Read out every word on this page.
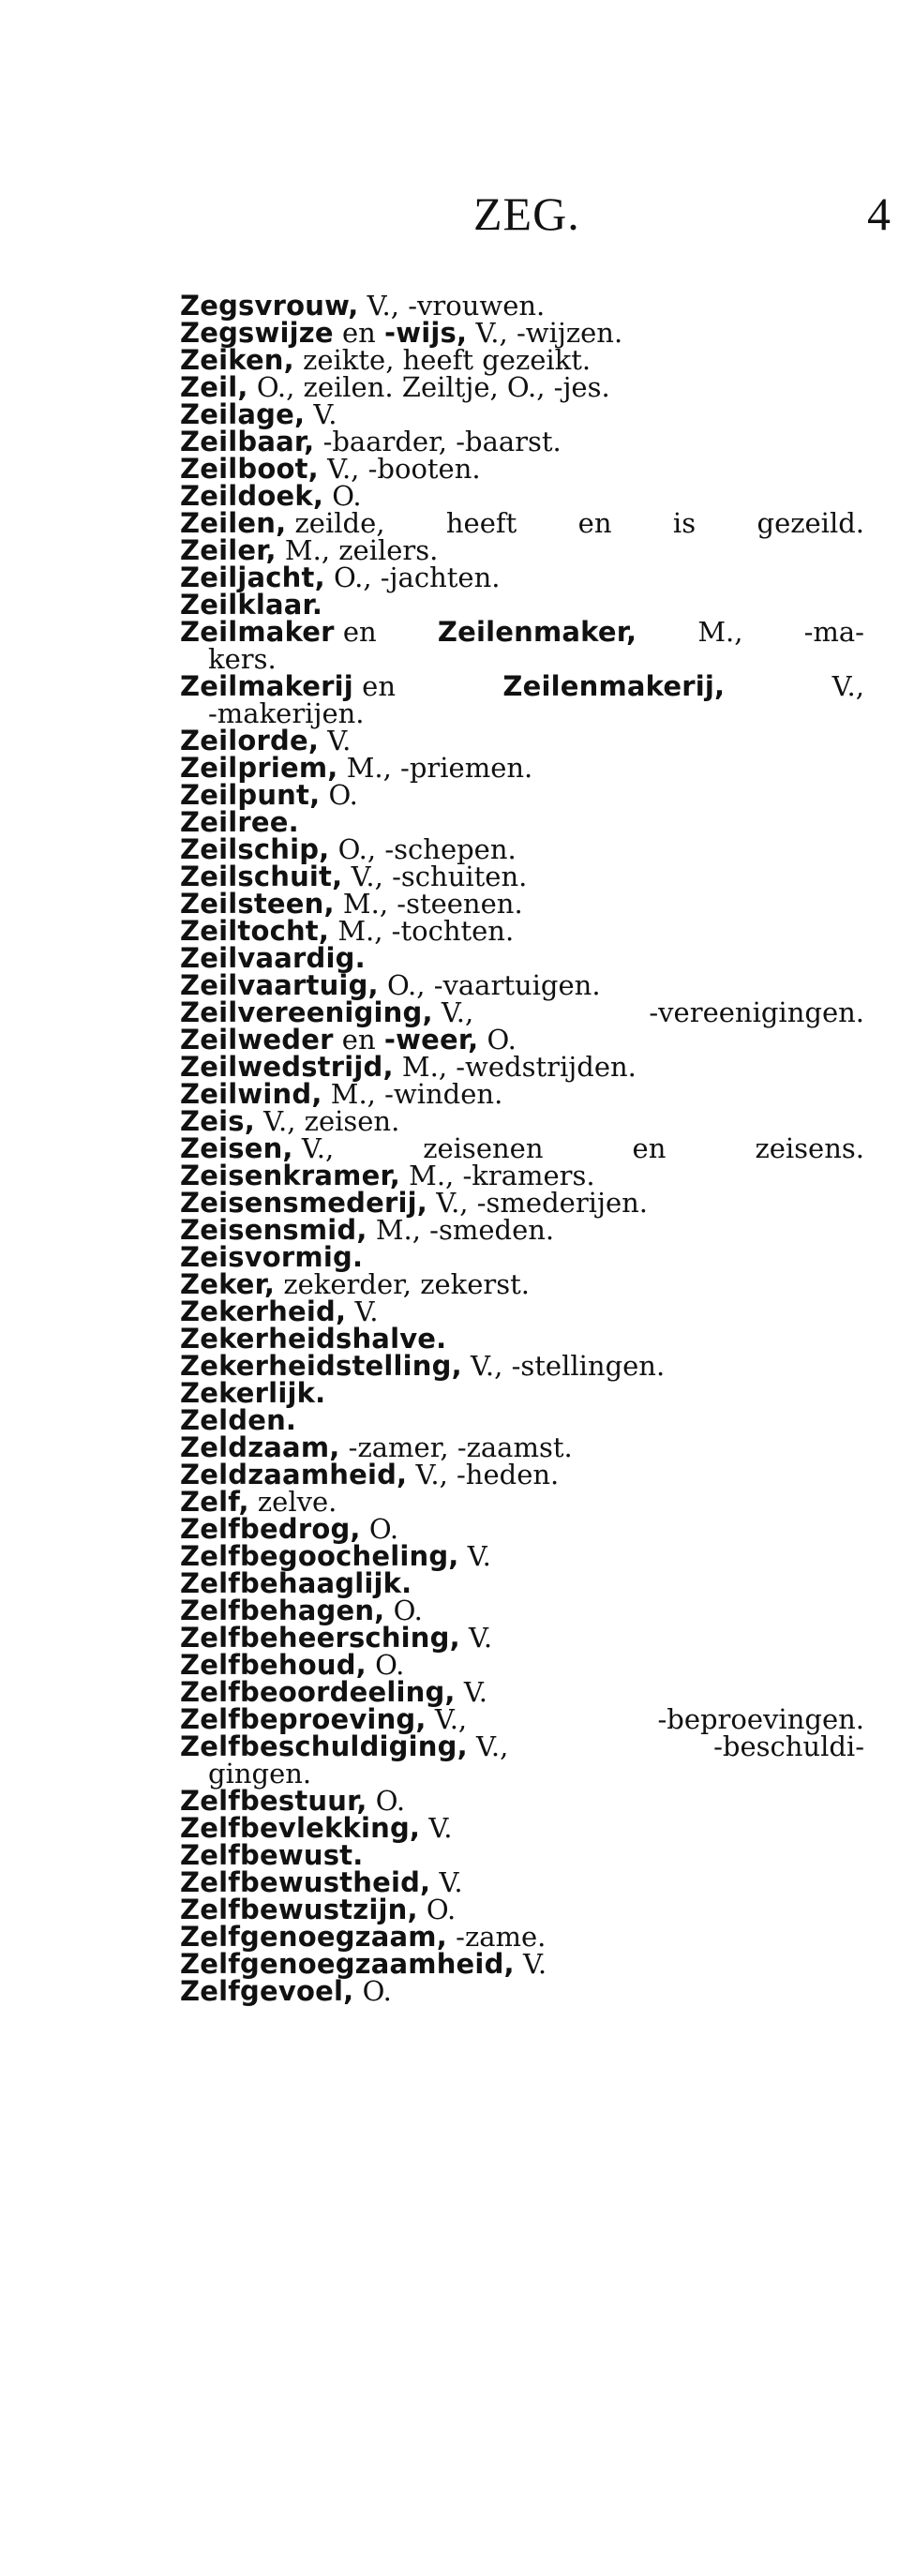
ZEG.	4
Zegsvrouw, V., -vrouwen.
Zegswijze en -wijs, V., -wijzen.
Zeiken, zeikte, heeft gezeikt.
Zeil, O., zeilen. Zeiltje, O., -jes.
Zeilage, V.
Zeilbaar, -baarder, -baarst.
Zeilboot, V., -booten.
Zeildoek, O.
Zeilen, zeilde, heeft en is gezeild.
Zeiler, M., zeilers.
Zeiljacht, O., -jachten.
Zeilklaar.
Zeilmaker en Zeilenmaker, M., -ma-
kers.
Zeilmakerij en	Zeilenmakerij,	V.,
-makerijen.
Zeilorde, V.
Zeilpriem, M., -priemen.
Zeilpunt, O.
Zeilree.
Zeilschip, O., -schepen.
Zeilschuit, V., -schuiten.
Zeilsteen, M., -steenen.
Zeiltocht, M., -tochten.
Zeilvaardig.
Zeilvaartuig, O., -vaartuigen.
Zeilvereeniging, V.,	-vereenigingen.
Zeilweder en -weer, O.
Zeilwedstrijd, M., -wedstrijden.
Zeilwind, M., -winden.
Zeis, V., zeisen.
Zeisen, V.,	zeisenen	en	zeisens.
Zeisenkramer, M., -kramers.
Zeisensmederij, V., -smederijen.
Zeisensmid, M., -smeden.
Zeisvormig.
Zeker, zekerder, zekerst.
Zekerheid, V.
Zekerheidshalve.
Zekerheidstelling, V., -stellingen.
Zekerlijk.
Zelden.
Zeldzaam, -zamer, -zaamst.
Zeldzaamheid, V., -heden.
Zelf, zelve.
Zelfbedrog, O.
Zelfbegoocheling, V.
Zelfbehaaglijk.
Zelfbehagen, O.
Zelfbeheersching, V.
Zelfbehoud, O.
Zelfbeoordeeling, V.
Zelfbeproeving, V.,	-beproevingen.
Zelfbeschuldiging, V.,	-beschuldi-
gingen.
Zelfbestuur, O.
Zelfbevlekking, V.
Zelfbewust.
Zelfbewustheid, V.
Zelfbewustzijn, O.
Zelfgenoegzaam, -zame.
Zelfgenoegzaamheid, V.
Zelfgevoel, O.
